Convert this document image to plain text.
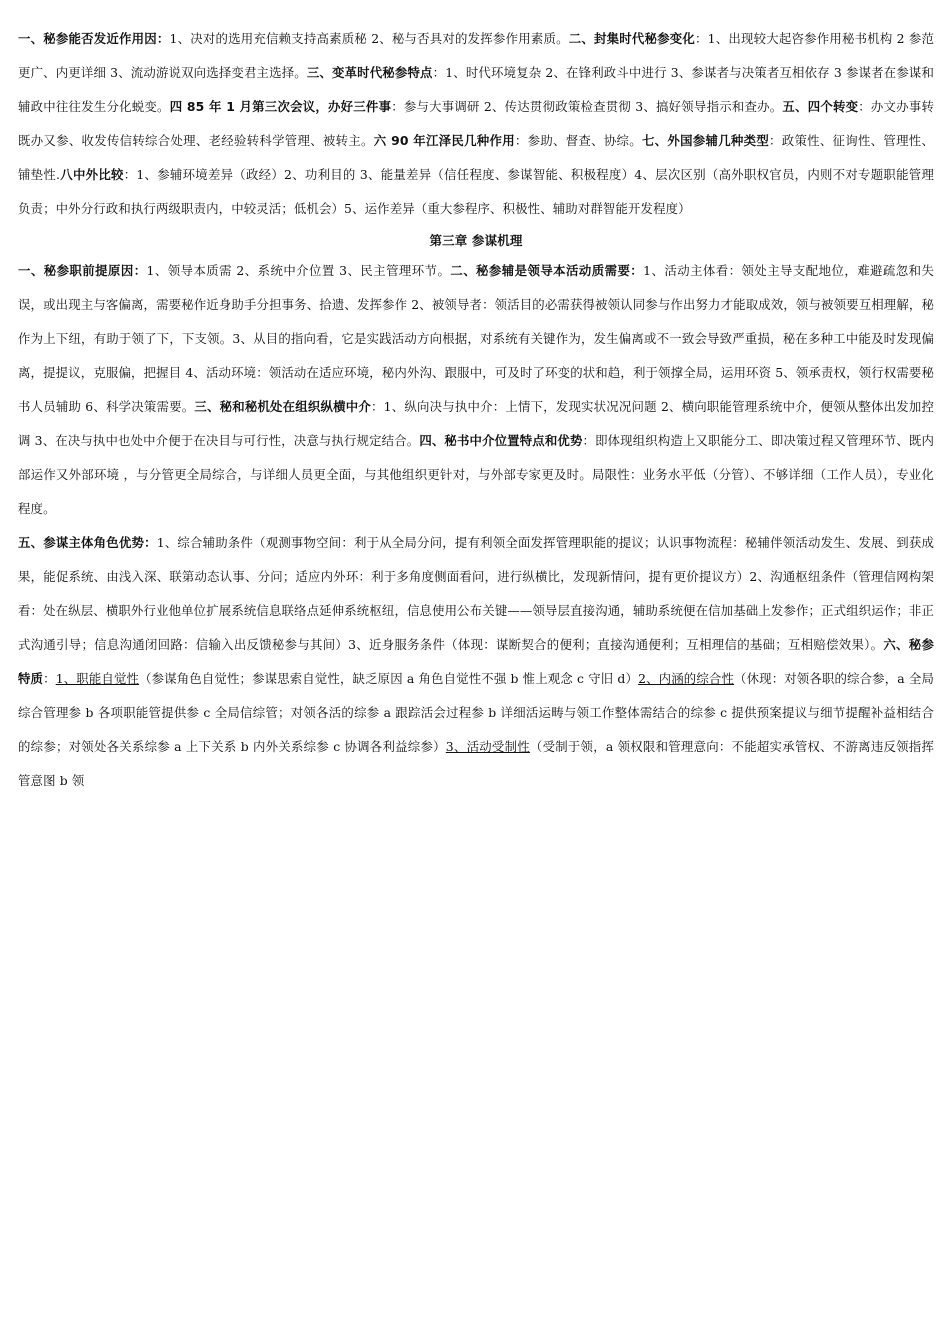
一、秘参能否发近作用因：1、决对的选用充信赖支持高素质秘 2、秘与否具对的发挥参作用素质。二、封集时代秘参变化：1、出现较大起咨参作用秘书机构 2 参范更广、内更详细 3、流动游说双向选择变君主选择。三、变革时代秘参特点：1、时代环境复杂 2、在锋利政斗中进行 3、参谋者与决策者互相依存 3 参谋者在参谋和辅政中往往发生分化蜕变。四 85 年 1 月第三次会议，办好三件事：参与大事调研 2、传达贯彻政策检查贯彻 3、搞好领导指示和查办。五、四个转变：办文办事转既办又参、收发传信转综合处理、老经验转科学管理、被转主。六 90 年江泽民几种作用：参助、督查、协综。七、外国参辅几种类型：政策性、征询性、管理性、铺垫性.八中外比较：1、参辅环境差异（政经）2、功利目的 3、能量差异（信任程度、参谋智能、积极程度）4、层次区别（高外职权官员，内则不对专题职能管理负责；中外分行政和执行两级职责内，中较灵活；低机会）5、运作差异（重大参程序、积极性、辅助对群智能开发程度）

第三章 参谋机理

一、秘参职前提原因：1、领导本质需 2、系统中介位置 3、民主管理环节。二、秘参辅是领导本活动质需要：1、活动主体看：领处主导支配地位，难避疏忽和失误，或出现主与客偏离，需要秘作近身助手分担事务、拾遗、发挥参作 2、被领导者：领活目的必需获得被领认同参与作出努力才能取成效，领与被领要互相理解，秘作为上下纽，有助于领了下，下支领。3、从目的指向看，它是实践活动方向根据，对系统有关键作为，发生偏离或不一致会导致严重损，秘在多种工中能及时发现偏离，提提议，克服偏，把握目 4、活动环境：领活动在适应环境，秘内外沟、跟服中，可及时了环变的状和趋，利于领撑全局，运用环资 5、领承责权，领行权需要秘书人员辅助 6、科学决策需要。三、秘和秘机处在组织纵横中介：1、纵向决与执中介：上情下，发现实状况况问题 2、横向职能管理系统中介，便领从整体出发加控调 3、在决与执中也处中介便于在决目与可行性，决意与执行规定结合。四、秘书中介位置特点和优势：即体现组织构造上又职能分工、即决策过程又管理环节、既内部运作又外部环境 ，与分管更全局综合，与详细人员更全面，与其他组织更针对，与外部专家更及时。局限性：业务水平低（分管）、不够详细（工作人员），专业化程度。

五、参谋主体角色优势：1、综合辅助条件（观测事物空间：利于从全局分问，提有利领全面发挥管理职能的提议；认识事物流程：秘辅伴领活动发生、发展、到获成果，能促系统、由浅入深、联第动态认事、分问；适应内外环：利于多角度侧面看问，进行纵横比，发现新情问，提有更价提议方）2、沟通枢纽条件（管理信网构架看：处在纵层、横职外行业他单位扩展系统信息联络点延伸系统枢纽，信息使用公布关键——领导层直接沟通，辅助系统便在信加基础上发参作；正式组织运作；非正式沟通引导；信息沟通闭回路：信输入出反馈秘参与其间）3、近身服务条件（体现：谋断契合的便利；直接沟通便利；互相理信的基础；互相赔偿效果）。六、秘参特质：1、职能自觉性（参谋角色自觉性；参谋思索自觉性，缺乏原因 a 角色自觉性不强 b 惟上观念 c 守旧 d）2、内涵的综合性（休现：对领各职的综合参，a 全局综合管理参 b 各项职能管提供参 c 全局信综管；对领各活的综参 a 跟踪活会过程参 b 详细活运畴与领工作整体需结合的综参 c 提供预案提议与细节提醒补益相结合的综参；对领处各关系综参 a 上下关系 b 内外关系综参 c 协调各利益综参）3、活动受制性（受制于领，a 领权限和管理意向：不能超实承管权、不游离违反领指挥管意图 b 领
